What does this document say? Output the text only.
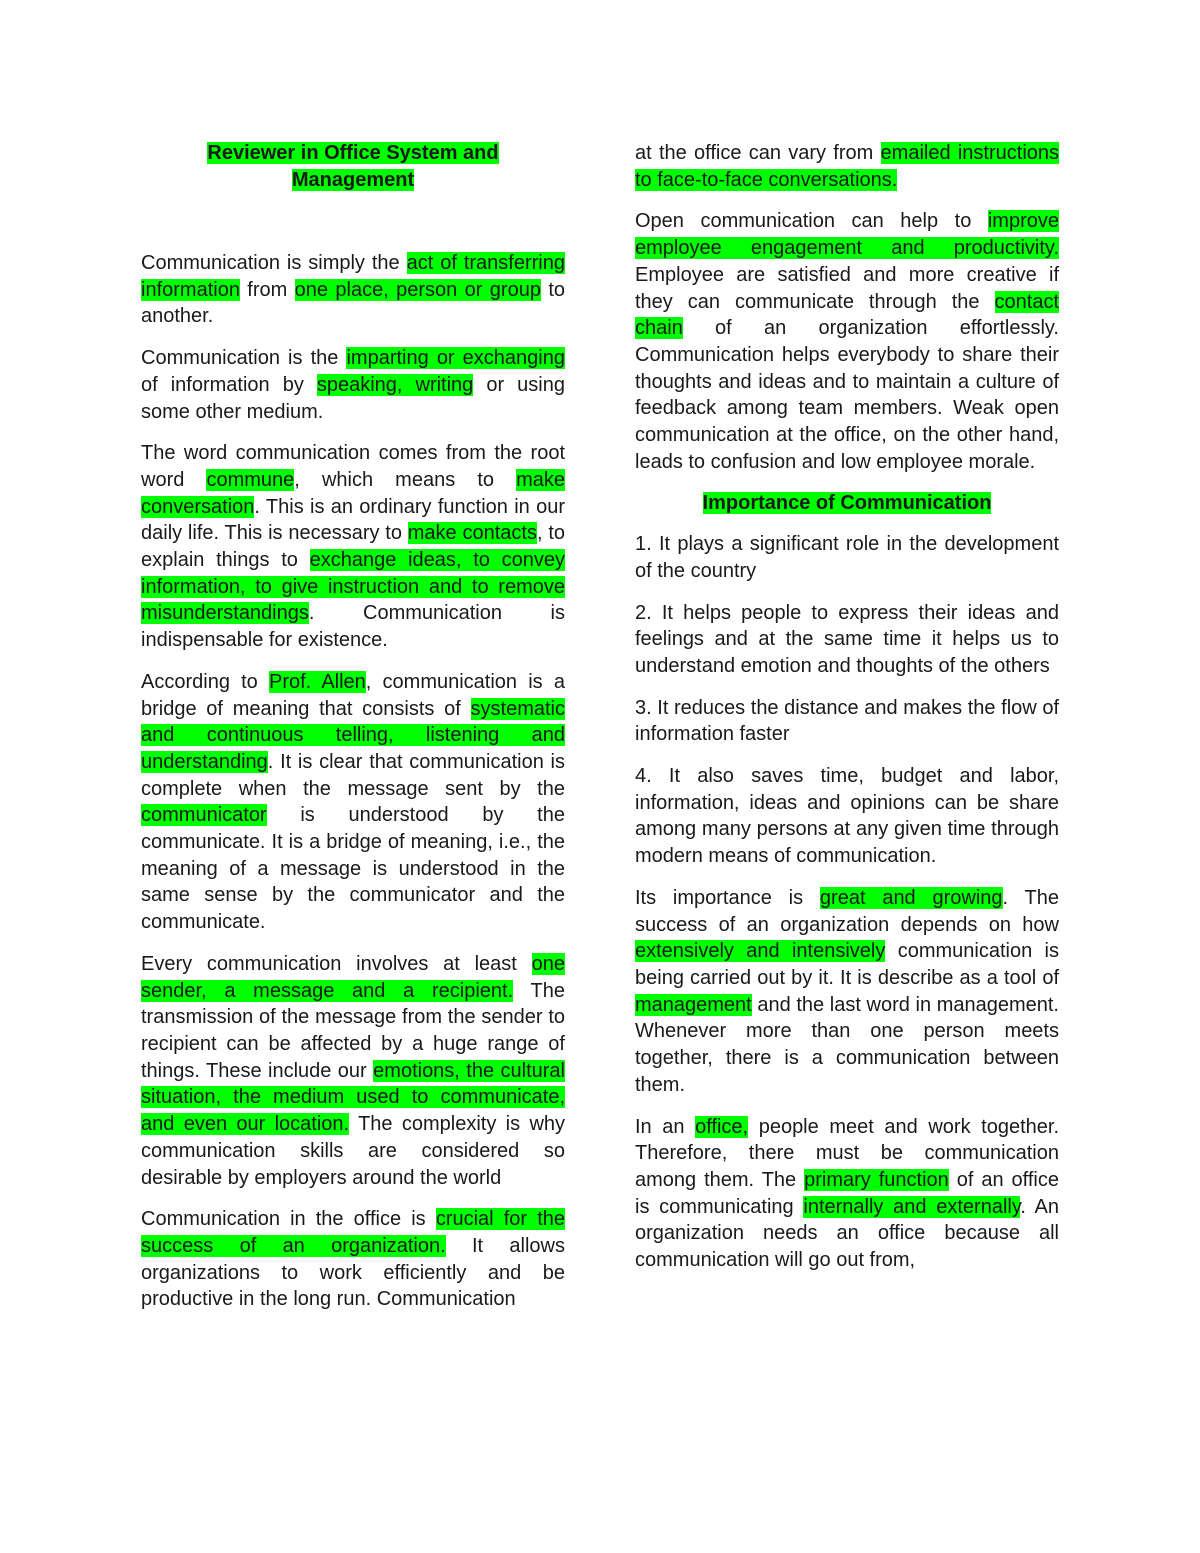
Reviewer in Office System and
Management

Communication is simply the act of transferring information from one place, person or group to another.

Communication is the imparting or exchanging of information by speaking, writing or using some other medium.

The word communication comes from the root word commune, which means to make conversation. This is an ordinary function in our daily life. This is necessary to make contacts, to explain things to exchange ideas, to convey information, to give instruction and to remove misunderstandings. Communication is indispensable for existence.

According to Prof. Allen, communication is a bridge of meaning that consists of systematic and continuous telling, listening and understanding. It is clear that communication is complete when the message sent by the communicator is understood by the communicate. It is a bridge of meaning, i.e., the meaning of a message is understood in the same sense by the communicator and the communicate.

Every communication involves at least one sender, a message and a recipient. The transmission of the message from the sender to recipient can be affected by a huge range of things. These include our emotions, the cultural situation, the medium used to communicate, and even our location. The complexity is why communication skills are considered so desirable by employers around the world

Communication in the office is crucial for the success of an organization. It allows organizations to work efficiently and be productive in the long run. Communication

at the office can vary from emailed instructions to face-to-face conversations.

Open communication can help to improve employee engagement and productivity. Employee are satisfied and more creative if they can communicate through the contact chain of an organization effortlessly. Communication helps everybody to share their thoughts and ideas and to maintain a culture of feedback among team members. Weak open communication at the office, on the other hand, leads to confusion and low employee morale.

Importance of Communication

1. It plays a significant role in the development of the country

2. It helps people to express their ideas and feelings and at the same time it helps us to understand emotion and thoughts of the others

3. It reduces the distance and makes the flow of information faster

4. It also saves time, budget and labor, information, ideas and opinions can be share among many persons at any given time through modern means of communication.

Its importance is great and growing. The success of an organization depends on how extensively and intensively communication is being carried out by it. It is describe as a tool of management and the last word in management. Whenever more than one person meets together, there is a communication between them.

In an office, people meet and work together. Therefore, there must be communication among them. The primary function of an office is communicating internally and externally. An organization needs an office because all communication will go out from,
